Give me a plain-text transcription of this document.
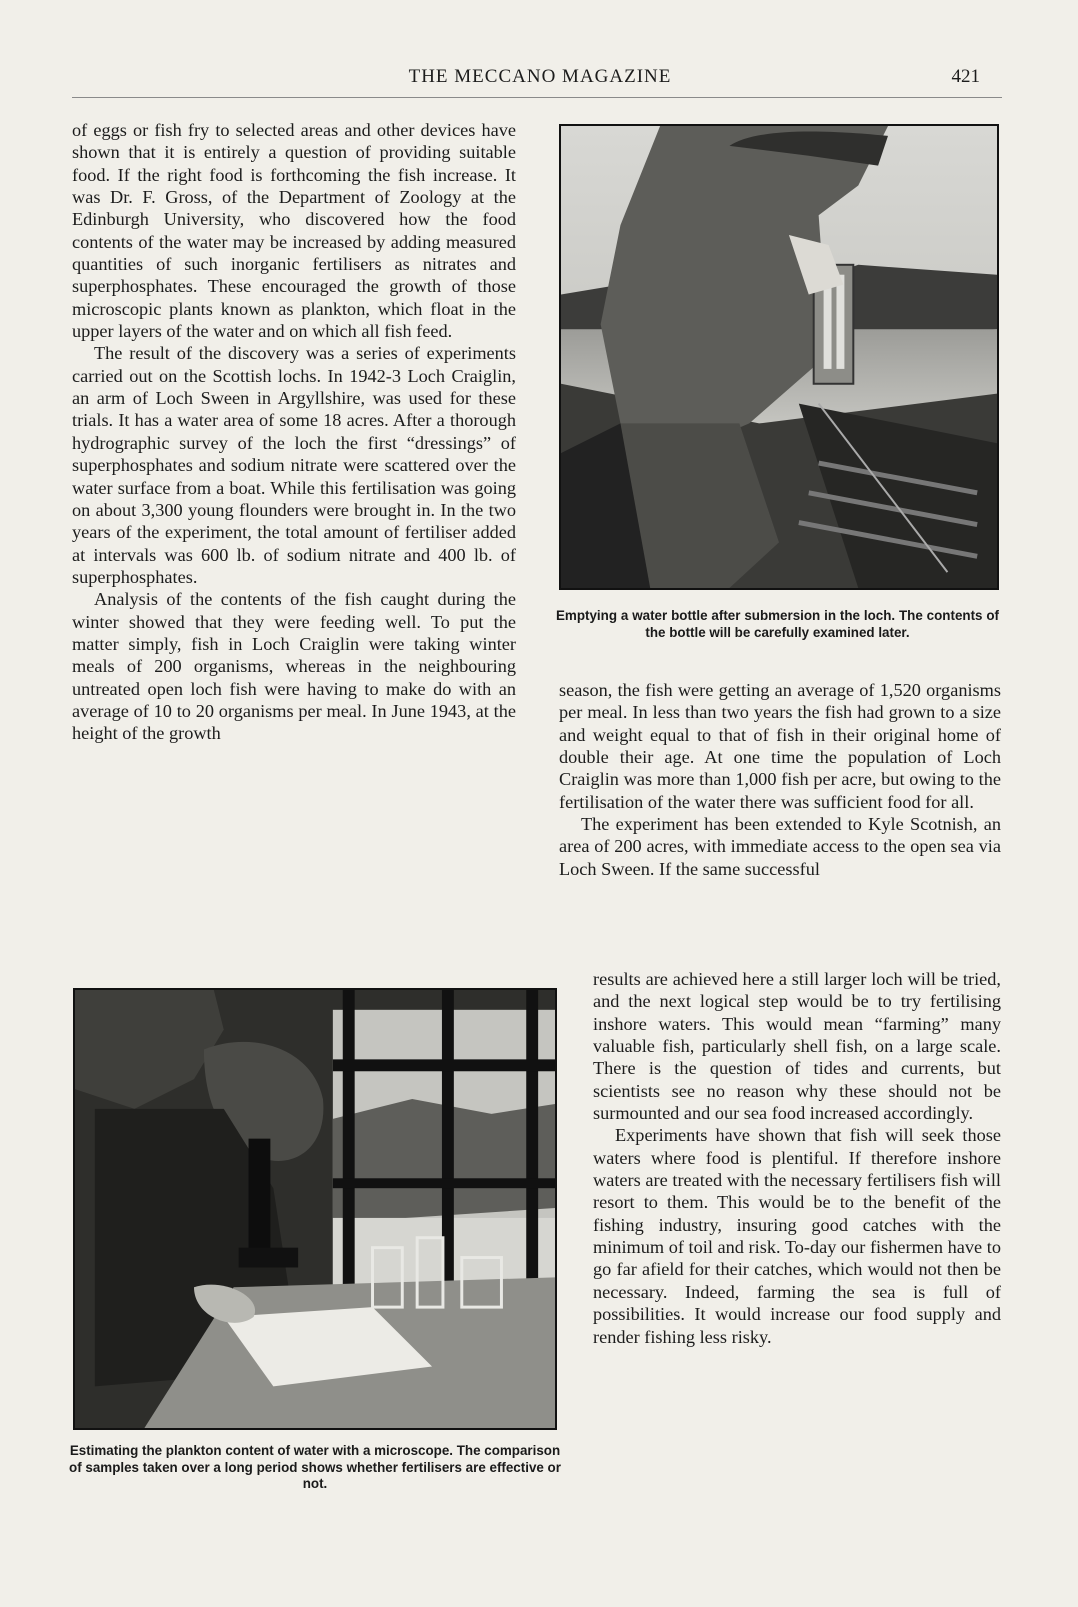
THE MECCANO MAGAZINE	421

of eggs or fish fry to selected areas and other devices have shown that it is entirely a question of providing suitable food. If the right food is forthcoming the fish increase. It was Dr. F. Gross, of the Department of Zoology at the Edinburgh University, who discovered how the food contents of the water may be increased by adding measured quantities of such inorganic fertilisers as nitrates and superphosphates. These encouraged the growth of those microscopic plants known as plankton, which float in the upper layers of the water and on which all fish feed.

The result of the discovery was a series of experiments carried out on the Scottish lochs. In 1942-3 Loch Craiglin, an arm of Loch Sween in Argyllshire, was used for these trials. It has a water area of some 18 acres. After a thorough hydrographic survey of the loch the first “dressings” of superphosphates and sodium nitrate were scattered over the water surface from a boat. While this fertilisation was going on about 3,300 young flounders were brought in. In the two years of the experiment, the total amount of fertiliser added at intervals was 600 lb. of sodium nitrate and 400 lb. of superphosphates.

Analysis of the contents of the fish caught during the winter showed that they were feeding well. To put the matter simply, fish in Loch Craiglin were taking winter meals of 200 organisms, whereas in the neighbouring untreated open loch fish were having to make do with an average of 10 to 20 organisms per meal. In June 1943, at the height of the growth

Emptying a water bottle after submersion in the loch. The contents of the bottle will be carefully examined later.

season, the fish were getting an average of 1,520 organisms per meal. In less than two years the fish had grown to a size and weight equal to that of fish in their original home of double their age. At one time the population of Loch Craiglin was more than 1,000 fish per acre, but owing to the fertilisation of the water there was sufficient food for all.

The experiment has been extended to Kyle Scotnish, an area of 200 acres, with immediate access to the open sea via Loch Sween. If the same successful

results are achieved here a still larger loch will be tried, and the next logical step would be to try fertilising inshore waters. This would mean “farming” many valuable fish, particularly shell fish, on a large scale. There is the question of tides and currents, but scientists see no reason why these should not be surmounted and our sea food increased accordingly.

Experiments have shown that fish will seek those waters where food is plentiful. If therefore inshore waters are treated with the necessary fertilisers fish will resort to them. This would be to the benefit of the fishing industry, insuring good catches with the minimum of toil and risk. To-day our fishermen have to go far afield for their catches, which would not then be necessary. Indeed, farming the sea is full of possibilities. It would increase our food supply and render fishing less risky.

Estimating the plankton content of water with a microscope. The comparison of samples taken over a long period shows whether fertilisers are effective or not.
